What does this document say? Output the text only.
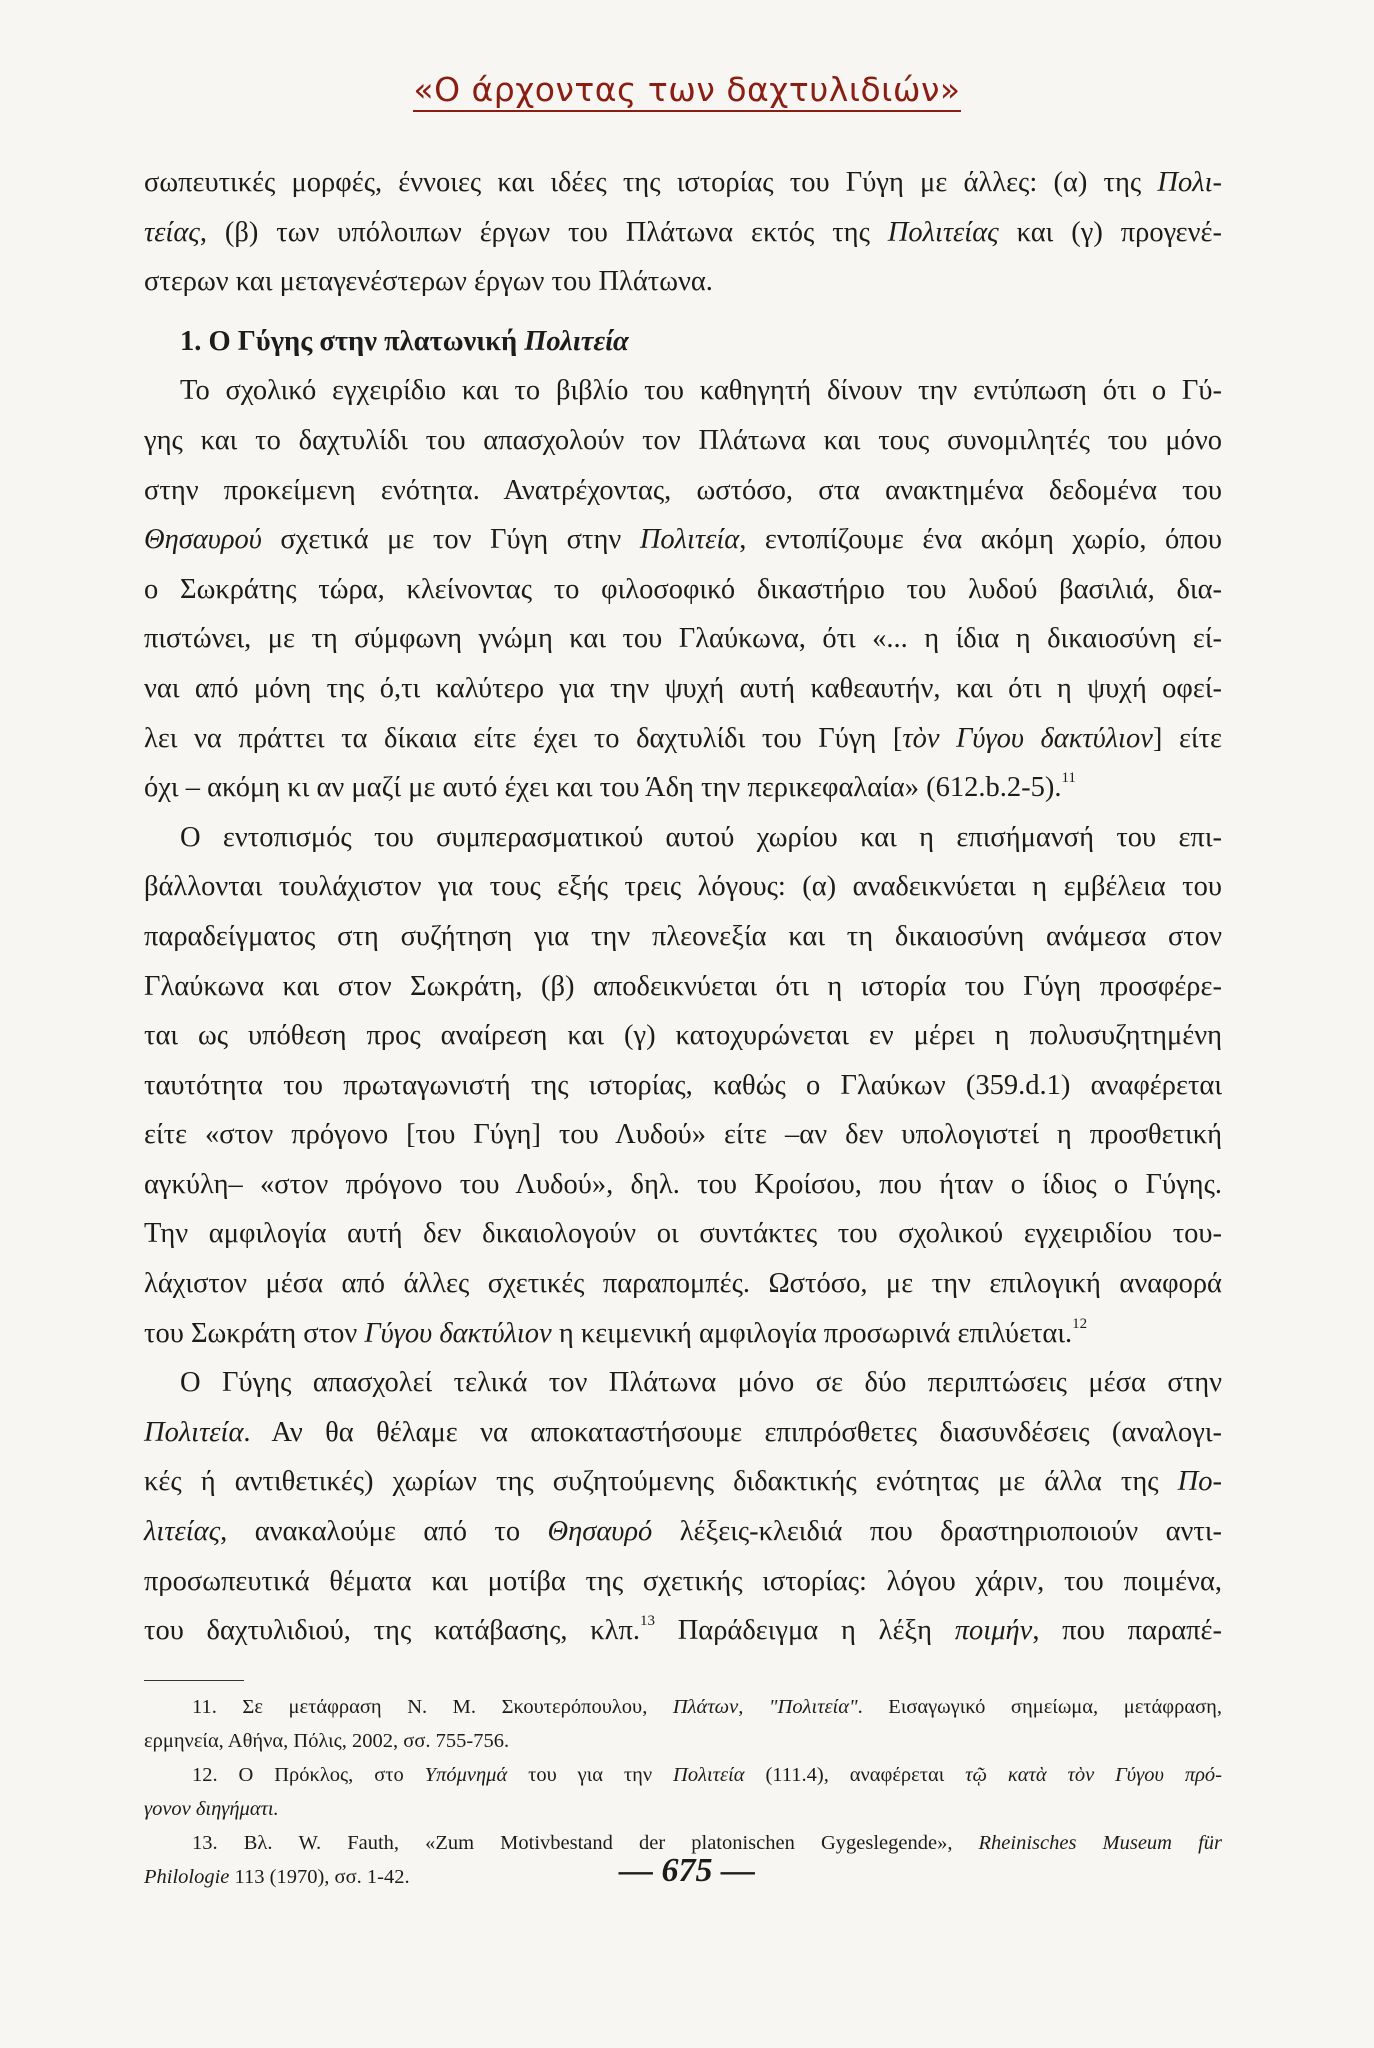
«Ο άρχοντας των δαχτυλιδιών»
σωπευτικές μορφές, έννοιες και ιδέες της ιστορίας του Γύγη με άλλες: (α) της Πολι-
τείας, (β) των υπόλοιπων έργων του Πλάτωνα εκτός της Πολιτείας και (γ) προγενέ-
στερων και μεταγενέστερων έργων του Πλάτωνα.
1. Ο Γύγης στην πλατωνική Πολιτεία
Το σχολικό εγχειρίδιο και το βιβλίο του καθηγητή δίνουν την εντύπωση ότι ο Γύ-
γης και το δαχτυλίδι του απασχολούν τον Πλάτωνα και τους συνομιλητές του μόνο
στην προκείμενη ενότητα. Ανατρέχοντας, ωστόσο, στα ανακτημένα δεδομένα του
Θησαυρού σχετικά με τον Γύγη στην Πολιτεία, εντοπίζουμε ένα ακόμη χωρίο, όπου
ο Σωκράτης τώρα, κλείνοντας το φιλοσοφικό δικαστήριο του λυδού βασιλιά, δια-
πιστώνει, με τη σύμφωνη γνώμη και του Γλαύκωνα, ότι «... η ίδια η δικαιοσύνη εί-
ναι από μόνη της ό,τι καλύτερο για την ψυχή αυτή καθεαυτήν, και ότι η ψυχή οφεί-
λει να πράττει τα δίκαια είτε έχει το δαχτυλίδι του Γύγη [τὸν Γύγου δακτύλιον] είτε
όχι – ακόμη κι αν μαζί με αυτό έχει και του Άδη την περικεφαλαία» (612.b.2-5).$^{11}$
Ο εντοπισμός του συμπερασματικού αυτού χωρίου και η επισήμανσή του επι-
βάλλονται τουλάχιστον για τους εξής τρεις λόγους: (α) αναδεικνύεται η εμβέλεια του
παραδείγματος στη συζήτηση για την πλεονεξία και τη δικαιοσύνη ανάμεσα στον
Γλαύκωνα και στον Σωκράτη, (β) αποδεικνύεται ότι η ιστορία του Γύγη προσφέρε-
ται ως υπόθεση προς αναίρεση και (γ) κατοχυρώνεται εν μέρει η πολυσυζητημένη
ταυτότητα του πρωταγωνιστή της ιστορίας, καθώς ο Γλαύκων (359.d.1) αναφέρεται
είτε «στον πρόγονο [του Γύγη] του Λυδού» είτε –αν δεν υπολογιστεί η προσθετική
αγκύλη– «στον πρόγονο του Λυδού», δηλ. του Κροίσου, που ήταν ο ίδιος ο Γύγης.
Την αμφιλογία αυτή δεν δικαιολογούν οι συντάκτες του σχολικού εγχειριδίου του-
λάχιστον μέσα από άλλες σχετικές παραπομπές. Ωστόσο, με την επιλογική αναφορά
του Σωκράτη στον Γύγου δακτύλιον η κειμενική αμφιλογία προσωρινά επιλύεται.$^{12}$
Ο Γύγης απασχολεί τελικά τον Πλάτωνα μόνο σε δύο περιπτώσεις μέσα στην
Πολιτεία. Αν θα θέλαμε να αποκαταστήσουμε επιπρόσθετες διασυνδέσεις (αναλογι-
κές ή αντιθετικές) χωρίων της συζητούμενης διδακτικής ενότητας με άλλα της Πο-
λιτείας, ανακαλούμε από το Θησαυρό λέξεις-κλειδιά που δραστηριοποιούν αντι-
προσωπευτικά θέματα και μοτίβα της σχετικής ιστορίας: λόγου χάριν, του ποιμένα,
του δαχτυλιδιού, της κατάβασης, κλπ.$^{13}$ Παράδειγμα η λέξη ποιμήν, που παραπέ-
11. Σε μετάφραση Ν. Μ. Σκουτερόπουλου, Πλάτων, "Πολιτεία". Εισαγωγικό σημείωμα, μετάφραση,
ερμηνεία, Αθήνα, Πόλις, 2002, σσ. 755-756.
12. Ο Πρόκλος, στο Υπόμνημά του για την Πολιτεία (111.4), αναφέρεται τῷ κατὰ τὸν Γύγου πρό-
γονον διηγήματι.
13. Βλ. W. Fauth, «Zum Motivbestand der platonischen Gygeslegende», Rheinisches Museum für
Philologie 113 (1970), σσ. 1-42.	— 675 —
